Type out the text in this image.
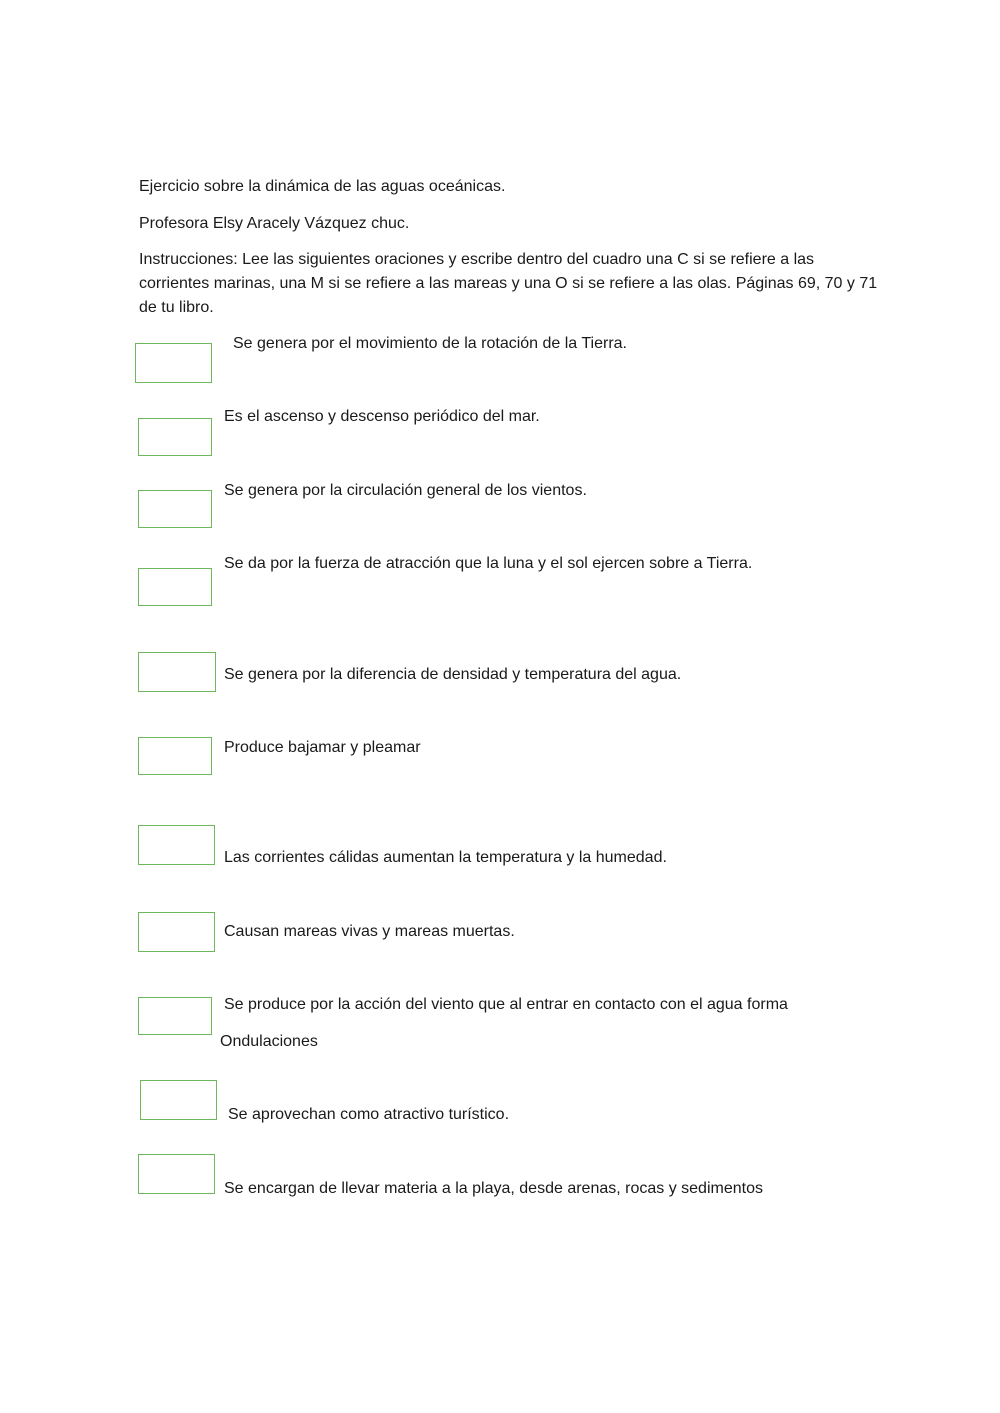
Ejercicio sobre la dinámica de las aguas oceánicas.

Profesora Elsy Aracely Vázquez chuc.

Instrucciones: Lee las siguientes oraciones y escribe dentro del cuadro una C si se refiere a las corrientes marinas, una M si se refiere a las mareas y una O si se refiere a las olas. Páginas 69, 70 y 71 de tu libro.

Se genera por el movimiento de la rotación de la Tierra.
Es el ascenso y descenso periódico del mar.
Se genera por la circulación general de los vientos.
Se da por la fuerza de atracción que la luna y el sol ejercen sobre a Tierra.
Se genera por la diferencia de densidad y temperatura del agua.
Produce bajamar y pleamar
Las corrientes cálidas aumentan la temperatura y la humedad.
Causan mareas vivas y mareas muertas.
Se produce por la acción del viento que al entrar en contacto con el agua forma
Ondulaciones
Se aprovechan como atractivo turístico.
Se encargan de llevar materia a la playa, desde arenas, rocas y sedimentos
